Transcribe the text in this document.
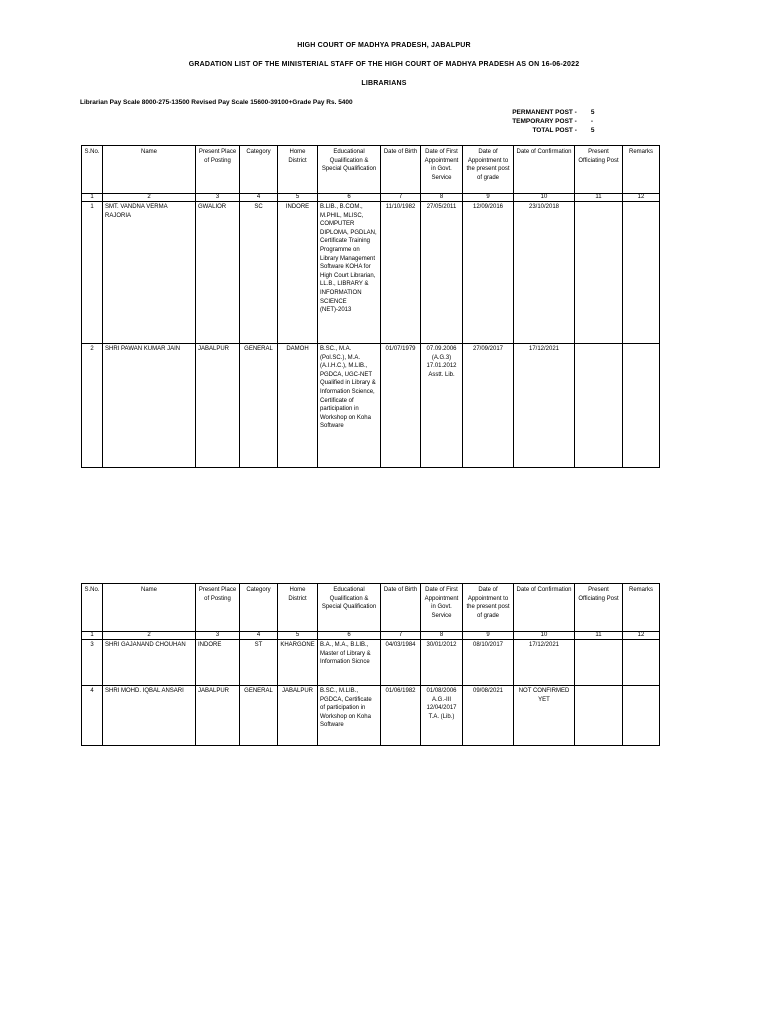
HIGH COURT OF MADHYA PRADESH, JABALPUR
GRADATION LIST OF THE MINISTERIAL STAFF OF THE HIGH COURT OF MADHYA PRADESH AS ON 16-06-2022
LIBRARIANS
Librarian Pay Scale 8000-275-13500 Revised Pay Scale 15600-39100+Grade Pay Rs. 5400
PERMANENT POST -	5
TEMPORARY POST -	-
TOTAL POST -	5
S.No.	Name	Present Place of Posting	Category	Home District	Educational Qualification & Special Qualification	Date of Birth	Date of First Appointment in Govt. Service	Date of Appointment to the present post of grade	Date of Confirmation	Present Officiating Post	Remarks
1	2	3	4	5	6	7	8	9	10	11	12
1	SMT. VANDNA VERMA RAJORIA	GWALIOR	SC	INDORE	B.LIB., B.COM., M.PHIL, MLISC, COMPUTER DIPLOMA, PGDLAN, Certificate Training Programme on Library Management Software KOHA for High Court Librarian, LL.B., LIBRARY & INFORMATION SCIENCE (NET)-2013	11/10/1982	27/05/2011	12/09/2016	23/10/2018		
2	SHRI PAWAN KUMAR JAIN	JABALPUR	GENERAL	DAMOH	B.SC., M.A. (Pol.SC.), M.A. (A.I.H.C.), M.LIB., PGDCA, UGC-NET Qualified in Library & Information Science, Certificate of participation in Workshop on Koha Software	01/07/1979	07.09.2006 (A.G.3) 17.01.2012 Asstt. Lib.	27/09/2017	17/12/2021		
S.No.	Name	Present Place of Posting	Category	Home District	Educational Qualification & Special Qualification	Date of Birth	Date of First Appointment in Govt. Service	Date of Appointment to the present post of grade	Date of Confirmation	Present Officiating Post	Remarks
1	2	3	4	5	6	7	8	9	10	11	12
3	SHRI GAJANAND CHOUHAN	INDORE	ST	KHARGONE	B.A., M.A., B.LIB., Master of Library & Information Sicnce	04/03/1984	30/01/2012	08/10/2017	17/12/2021		
4	SHRI MOHD. IQBAL ANSARI	JABALPUR	GENERAL	JABALPUR	B.SC., M.LIB., PGDCA, Certificate of participation in Workshop on Koha Software	01/06/1982	01/08/2006 A.G.-III 12/04/2017 T.A. (Lib.)	09/08/2021	NOT CONFIRMED YET		
